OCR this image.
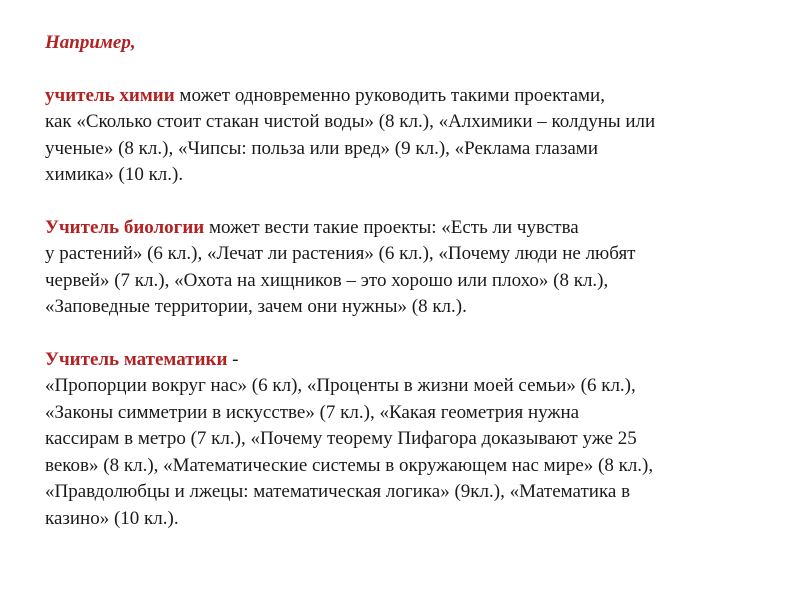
Например,

учитель химии может одновременно руководить такими проектами,
как «Сколько стоит стакан чистой воды» (8 кл.), «Алхимики – колдуны или
ученые» (8 кл.), «Чипсы: польза или вред» (9 кл.), «Реклама глазами
химика» (10 кл.).

Учитель биологии может вести такие проекты: «Есть ли чувства
у растений» (6 кл.), «Лечат ли растения» (6 кл.), «Почему люди не любят
червей» (7 кл.), «Охота на хищников – это хорошо или плохо» (8 кл.),
«Заповедные территории, зачем они нужны» (8 кл.).

Учитель математики -
«Пропорции вокруг нас» (6 кл), «Проценты в жизни моей семьи» (6 кл.),
«Законы симметрии в искусстве» (7 кл.), «Какая геометрия нужна
кассирам в метро (7 кл.), «Почему теорему Пифагора доказывают уже 25
веков» (8 кл.), «Математические системы в окружающем нас мире» (8 кл.),
«Правдолюбцы и лжецы: математическая логика» (9кл.), «Математика в
казино» (10 кл.).
